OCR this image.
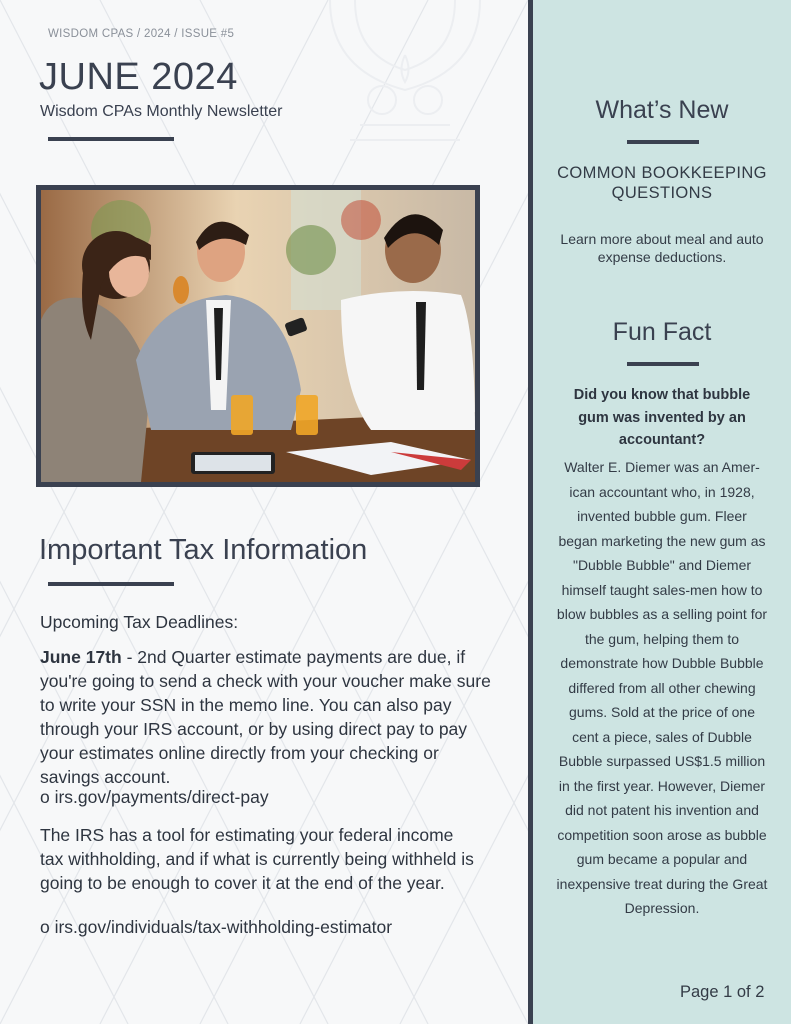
WISDOM CPAS / 2024 / ISSUE #5
JUNE 2024
Wisdom CPAs Monthly Newsletter
Important Tax Information
Upcoming Tax Deadlines:
June 17th - 2nd Quarter estimate payments are due, if you're going to send a check with your voucher make sure to write your SSN in the memo line. You can also pay through your IRS account, or by using direct pay to pay your estimates online directly from your checking or savings account.
o irs.gov/payments/direct-pay
The IRS has a tool for estimating your federal income tax withholding, and if what is currently being withheld is going to be enough to cover it at the end of the year.
o irs.gov/individuals/tax-withholding-estimator
What’s New
COMMON BOOKKEEPING QUESTIONS
Learn more about meal and auto expense deductions.
Fun Fact
Did you know that bubble gum was invented by an accountant?
Walter E. Diemer was an Amer-ican accountant who, in 1928, invented bubble gum. Fleer began marketing the new gum as "Dubble Bubble" and Diemer himself taught sales-men how to blow bubbles as a selling point for the gum, helping them to demonstrate how Dubble Bubble differed from all other chewing gums. Sold at the price of one cent a piece, sales of Dubble Bubble surpassed US$1.5 million in the first year. However, Diemer did not patent his invention and competition soon arose as bubble gum became a popular and inexpensive treat during the Great Depression.
Page 1 of 2
